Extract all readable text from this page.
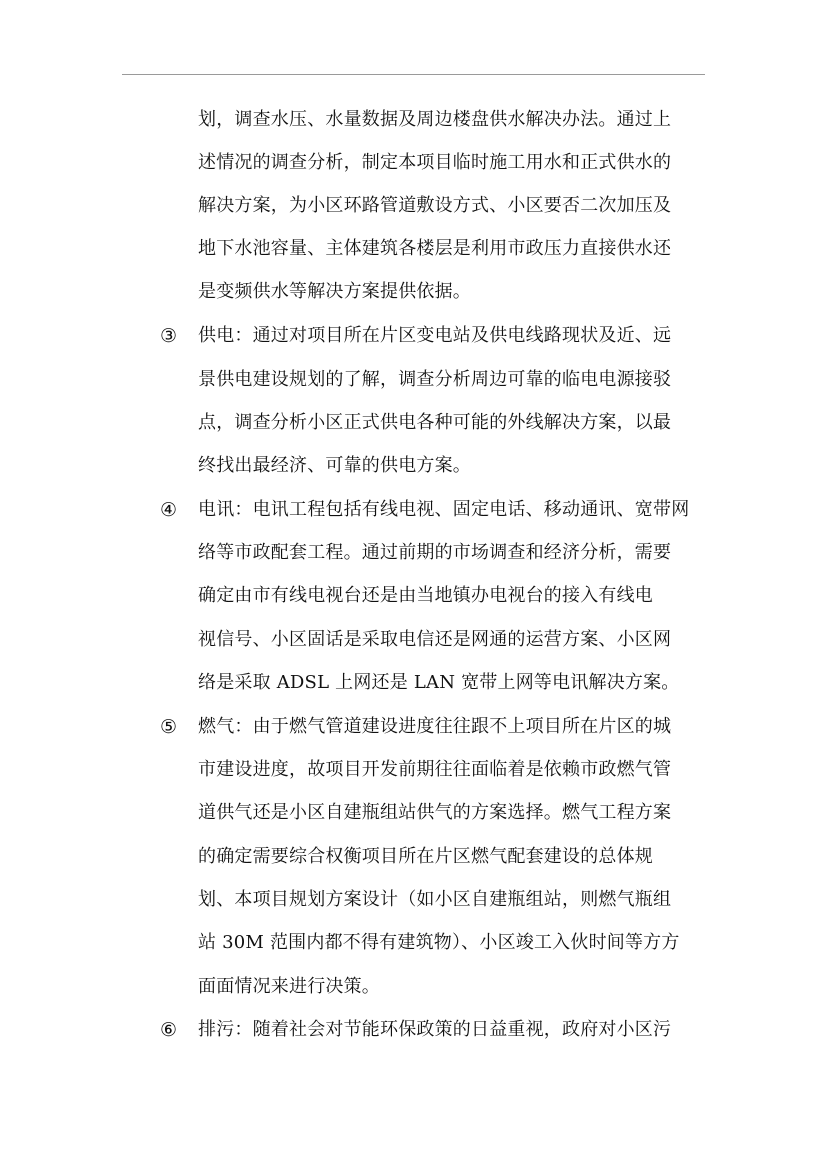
划，调查水压、水量数据及周边楼盘供水解决办法。通过上
述情况的调查分析，制定本项目临时施工用水和正式供水的
解决方案，为小区环路管道敷设方式、小区要否二次加压及
地下水池容量、主体建筑各楼层是利用市政压力直接供水还
是变频供水等解决方案提供依据。
③ 供电：通过对项目所在片区变电站及供电线路现状及近、远
景供电建设规划的了解，调查分析周边可靠的临电电源接驳
点，调查分析小区正式供电各种可能的外线解决方案，以最
终找出最经济、可靠的供电方案。
④ 电讯：电讯工程包括有线电视、固定电话、移动通讯、宽带网
络等市政配套工程。通过前期的市场调查和经济分析，需要
确定由市有线电视台还是由当地镇办电视台的接入有线电
视信号、小区固话是采取电信还是网通的运营方案、小区网
络是采取 ADSL 上网还是 LAN 宽带上网等电讯解决方案。
⑤ 燃气：由于燃气管道建设进度往往跟不上项目所在片区的城
市建设进度，故项目开发前期往往面临着是依赖市政燃气管
道供气还是小区自建瓶组站供气的方案选择。燃气工程方案
的确定需要综合权衡项目所在片区燃气配套建设的总体规
划、本项目规划方案设计（如小区自建瓶组站，则燃气瓶组
站 30M 范围内都不得有建筑物）、小区竣工入伙时间等方方
面面情况来进行决策。
⑥ 排污：随着社会对节能环保政策的日益重视，政府对小区污
